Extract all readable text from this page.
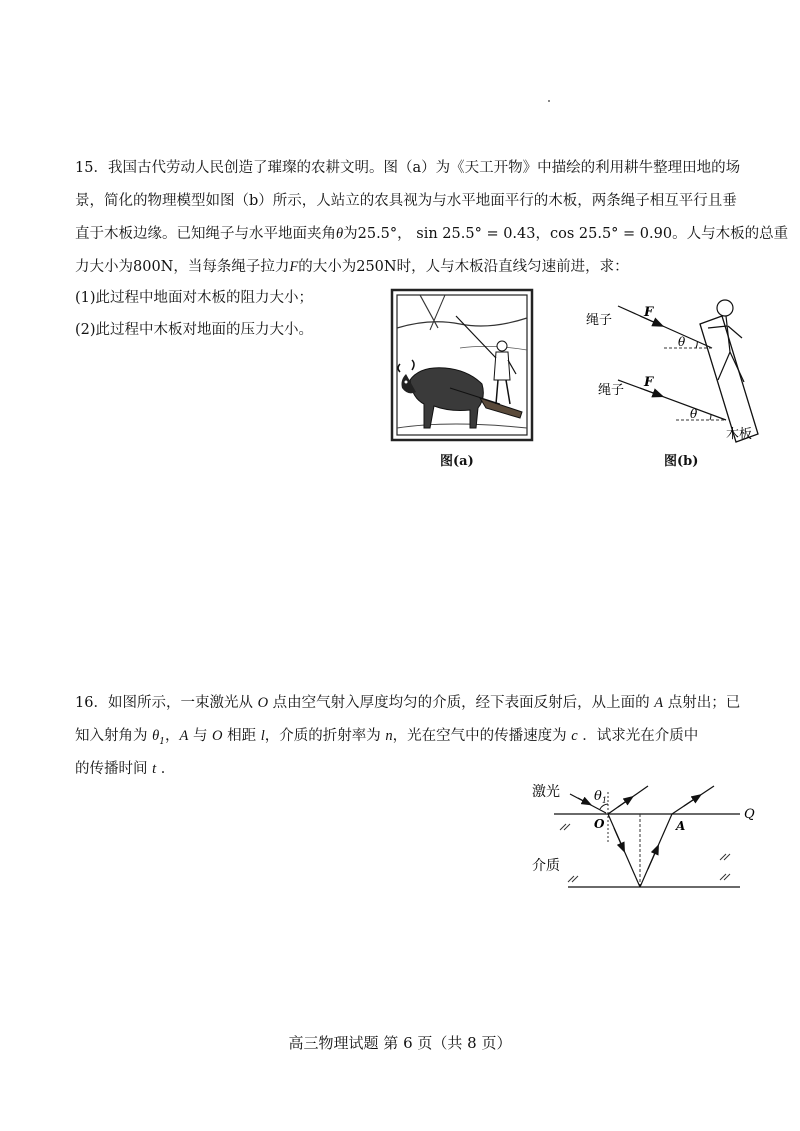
15．我国古代劳动人民创造了璀璨的农耕文明。图（a）为《天工开物》中描绘的利用耕牛整理田地的场
景，简化的物理模型如图（b）所示，人站立的农具视为与水平地面平行的木板，两条绳子相互平行且垂
直于木板边缘。已知绳子与水平地面夹角θ为25.5°， sin 25.5° = 0.43，cos 25.5° = 0.90。人与木板的总重
力大小为800N，当每条绳子拉力F的大小为250N时，人与木板沿直线匀速前进，求：
(1)此过程中地面对木板的阻力大小；
(2)此过程中木板对地面的压力大小。
图(a)
绳子
F
θ
绳子
F
θ
木板
图(b)
16．如图所示，一束激光从 O 点由空气射入厚度均匀的介质，经下表面反射后，从上面的 A 点射出；已
知入射角为 $\theta_1$，A 与 O 相距 l，介质的折射率为 n，光在空气中的传播速度为 c ．试求光在介质中
的传播时间 t ．
激光	$\theta_1$
O	A
Q
介质
高三物理试题 第 6 页（共 8 页）
